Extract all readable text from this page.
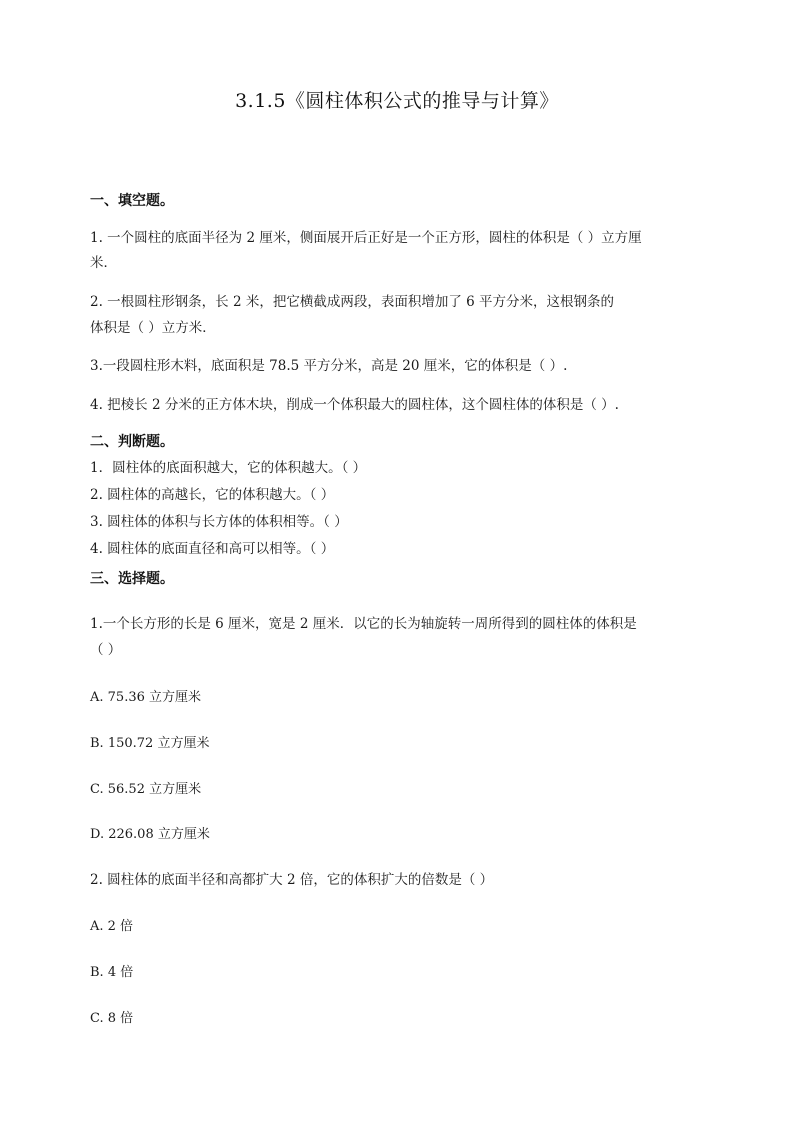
3.1.5《圆柱体积公式的推导与计算》
一、填空题。
1. 一个圆柱的底面半径为 2 厘米，侧面展开后正好是一个正方形，圆柱的体积是（ ）立方厘
米．
2. 一根圆柱形钢条，长 2 米，把它横截成两段，表面积增加了 6 平方分米，这根钢条的
体积是（ ）立方米．
3.一段圆柱形木料，底面积是 78.5 平方分米，高是 20 厘米，它的体积是（ ）.
4. 把棱长 2 分米的正方体木块，削成一个体积最大的圆柱体，这个圆柱体的体积是（ ）.
二、判断题。
1．圆柱体的底面积越大，它的体积越大。（ ）
2. 圆柱体的高越长，它的体积越大。（ ）
3. 圆柱体的体积与长方体的体积相等。（ ）
4. 圆柱体的底面直径和高可以相等。（ ）
三、选择题。
1.一个长方形的长是 6 厘米，宽是 2 厘米．以它的长为轴旋转一周所得到的圆柱体的体积是
（ ）
A. 75.36 立方厘米
B. 150.72 立方厘米
C. 56.52 立方厘米
D. 226.08 立方厘米
2. 圆柱体的底面半径和高都扩大 2 倍，它的体积扩大的倍数是（ ）
A. 2 倍
B. 4 倍
C. 8 倍
